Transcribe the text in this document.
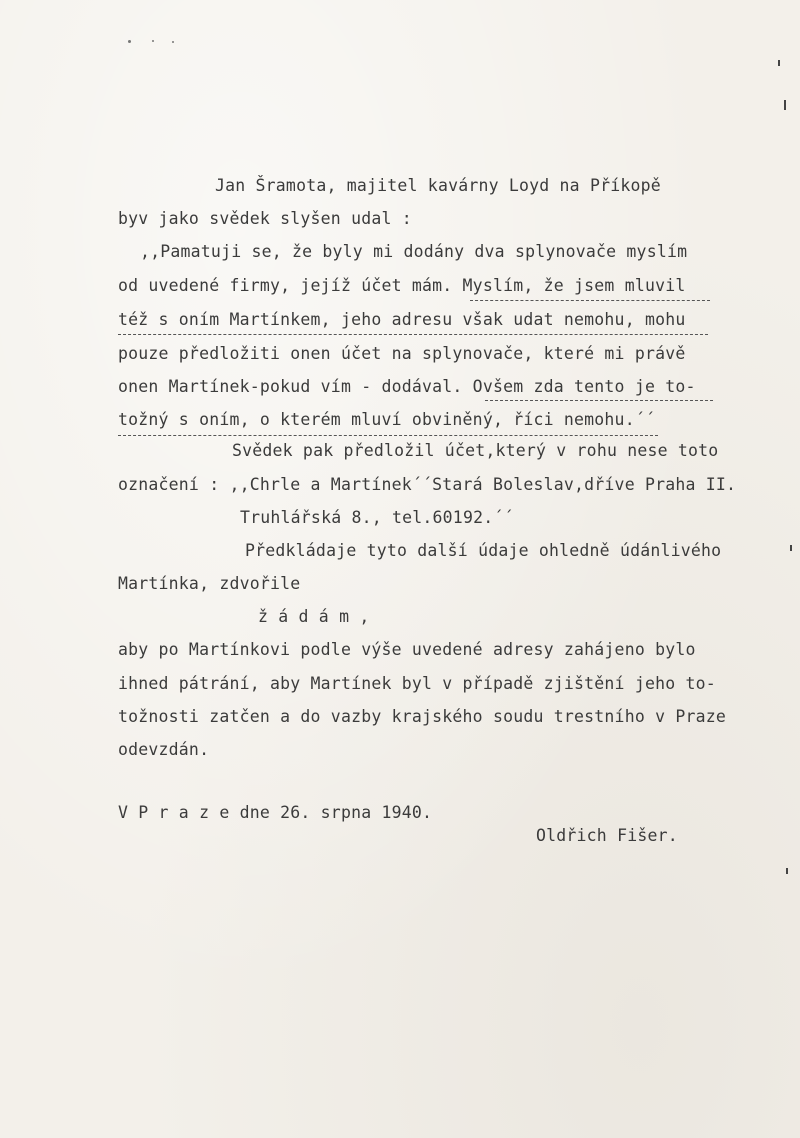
Jan Šramota, majitel kavárny Loyd na Příkopě
byv jako svědek slyšen udal :
,,Pamatuji se, že byly mi dodány dva splynovače myslím
od uvedené firmy, jejíž účet mám. Myslím, že jsem mluvil
též s oním Martínkem, jeho adresu však udat nemohu, mohu
pouze předložiti onen účet na splynovače, které mi právě
onen Martínek-pokud vím - dodával. Ovšem zda tento je to-
tožný s oním, o kterém mluví obviněný, říci nemohu.´´
Svědek pak předložil účet,který v rohu nese toto
označení : ,,Chrle a Martínek´´Stará Boleslav,dříve Praha II.
Truhlářská 8., tel.60192.´´
Předkládaje tyto další údaje ohledně údánlivého
Martínka, zdvořile
ž á d á m ,
aby po Martínkovi podle výše uvedené adresy zahájeno bylo
ihned pátrání, aby Martínek byl v případě zjištění jeho to-
tožnosti zatčen a do vazby krajského soudu trestního v Praze
odevzdán.
V P r a z e dne 26. srpna 1940.
Oldřich Fišer.
